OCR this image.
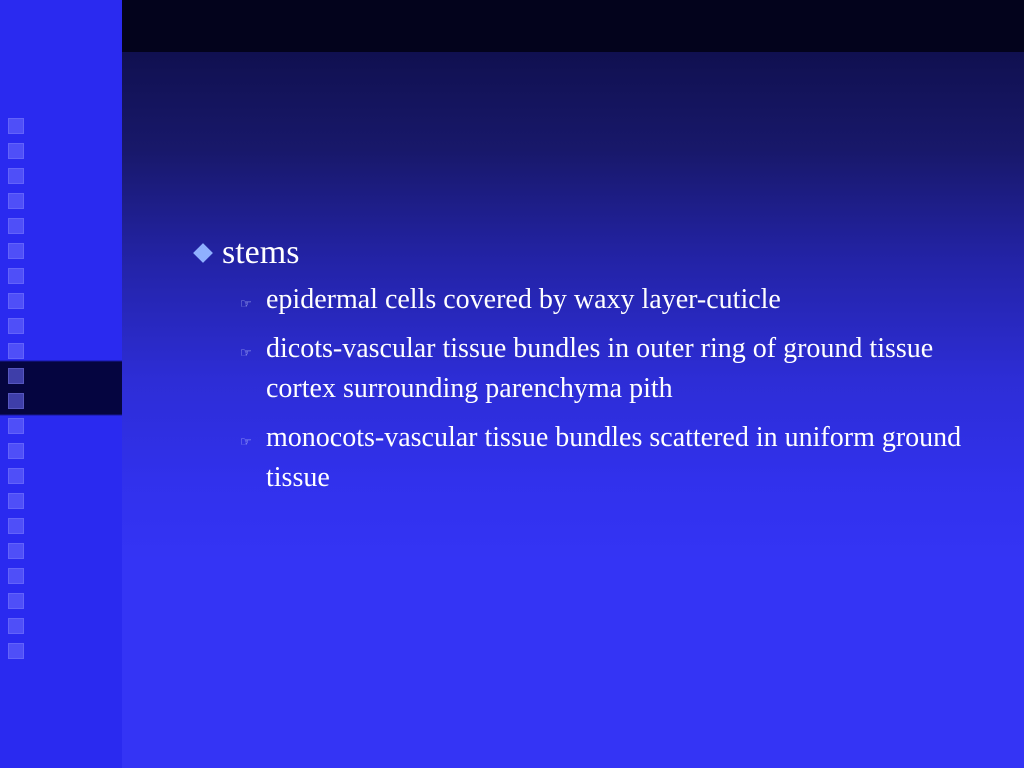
stems
☞ epidermal cells covered by waxy layer-cuticle
☞ dicots-vascular tissue bundles in outer ring of ground tissue cortex surrounding parenchyma pith
☞ monocots-vascular tissue bundles scattered in uniform ground tissue
